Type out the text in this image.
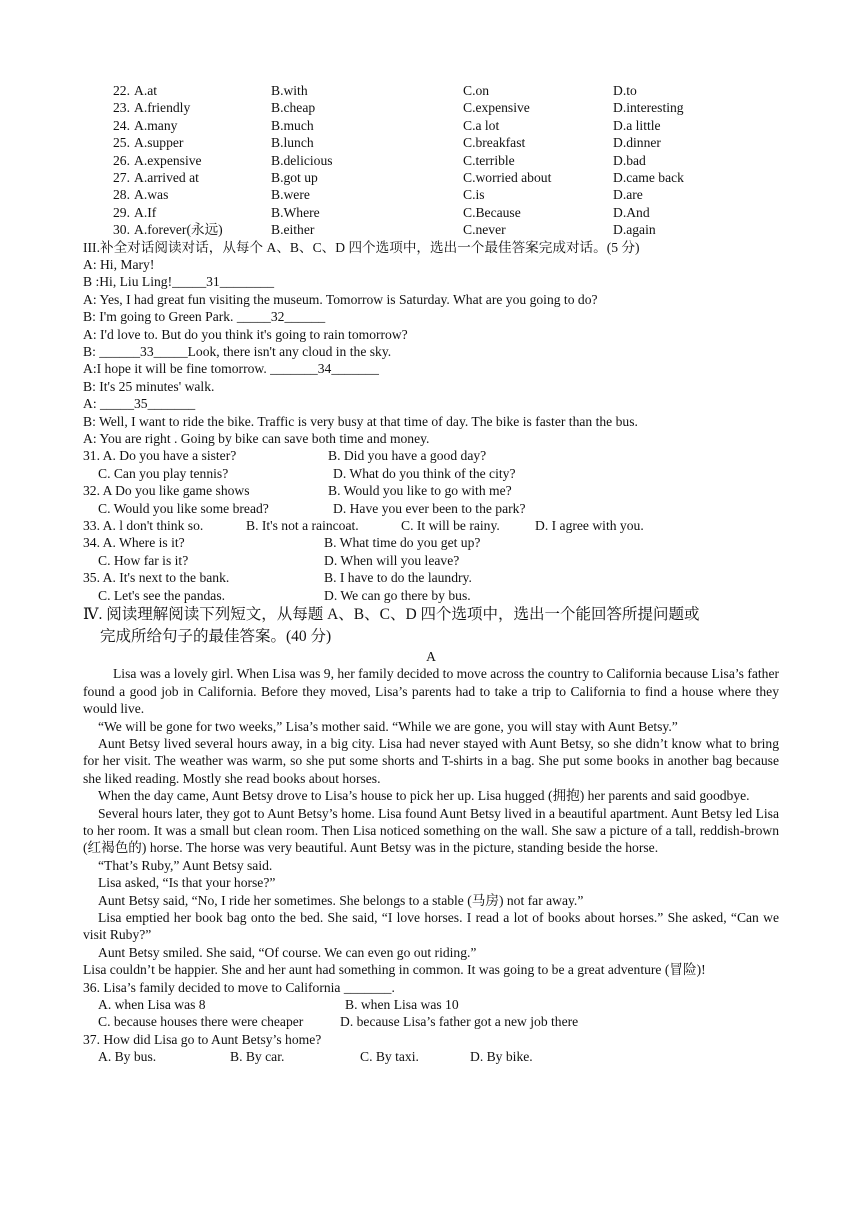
22. A.at	B.with	C.on	D.to
23. A.friendly	B.cheap	C.expensive	D.interesting
24. A.many	B.much	C.a lot	D.a little
25. A.supper	B.lunch	C.breakfast	D.dinner
26. A.expensive	B.delicious	C.terrible	D.bad
27. A.arrived at	B.got up	C.worried about	D.came back
28. A.was	B.were	C.is	D.are
29. A.If	B.Where	C.Because	D.And
30. A.forever(永远)	B.either	C.never	D.again
III.补全对话阅读对话，从每个 A、B、C、D 四个选项中，选出一个最佳答案完成对话。(5 分)
A: Hi, Mary!
B :Hi, Liu Ling!_____31________
A: Yes, I had great fun visiting the museum. Tomorrow is Saturday. What are you going to do?
B: I'm going to Green Park. _____32______
A: I'd love to. But do you think it's going to rain tomorrow?
B: ______33_____Look, there isn't any cloud in the sky.
A:I hope it will be fine tomorrow. _______34_______
B: It's 25 minutes' walk.
A: _____35_______
B: Well, I want to ride the bike. Traffic is very busy at that time of day. The bike is faster than the bus.
A: You are right . Going by bike can save both time and money.
31. A. Do you have a sister?	B. Did you have a good day?
C. Can you play tennis?	D. What do you think of the city?
32. A Do you like game shows	B. Would you like to go with me?
C. Would you like some bread?	D. Have you ever been to the park?
33. A. l don't think so.	B. It's not a raincoat.	C. It will be rainy.	D. I agree with you.
34. A. Where is it?	B. What time do you get up?
C. How far is it?	D. When will you leave?
35. A. It's next to the bank.	B. I have to do the laundry.
C. Let's see the pandas.	D. We can go there by bus.
Ⅳ. 阅读理解阅读下列短文，从每题 A、B、C、D 四个选项中，选出一个能回答所提问题或
完成所给句子的最佳答案。(40 分)
A
Lisa was a lovely girl. When Lisa was 9, her family decided to move across the country to California because Lisa’s father found a good job in California. Before they moved, Lisa’s parents had to take a trip to California to find a house where they would live.
“We will be gone for two weeks,” Lisa’s mother said. “While we are gone, you will stay with Aunt Betsy.”
Aunt Betsy lived several hours away, in a big city. Lisa had never stayed with Aunt Betsy, so she didn’t know what to bring for her visit. The weather was warm, so she put some shorts and T-shirts in a bag. She put some books in another bag because she liked reading. Mostly she read books about horses.
When the day came, Aunt Betsy drove to Lisa’s house to pick her up. Lisa hugged (拥抱) her parents and said goodbye.
Several hours later, they got to Aunt Betsy’s home. Lisa found Aunt Betsy lived in a beautiful apartment. Aunt Betsy led Lisa to her room. It was a small but clean room. Then Lisa noticed something on the wall. She saw a picture of a tall, reddish-brown (红褐色的) horse. The horse was very beautiful. Aunt Betsy was in the picture, standing beside the horse.
“That’s Ruby,” Aunt Betsy said.
Lisa asked, “Is that your horse?”
Aunt Betsy said, “No, I ride her sometimes. She belongs to a stable (马房) not far away.”
Lisa emptied her book bag onto the bed. She said, “I love horses. I read a lot of books about horses.” She asked, “Can we visit Ruby?”
Aunt Betsy smiled. She said, “Of course. We can even go out riding.”
Lisa couldn’t be happier. She and her aunt had something in common. It was going to be a great adventure (冒险)!
36. Lisa’s family decided to move to California _______.
A. when Lisa was 8	B. when Lisa was 10
C. because houses there were cheaper	D. because Lisa’s father got a new job there
37. How did Lisa go to Aunt Betsy’s home?
A. By bus.	B. By car.	C. By taxi.	D. By bike.
